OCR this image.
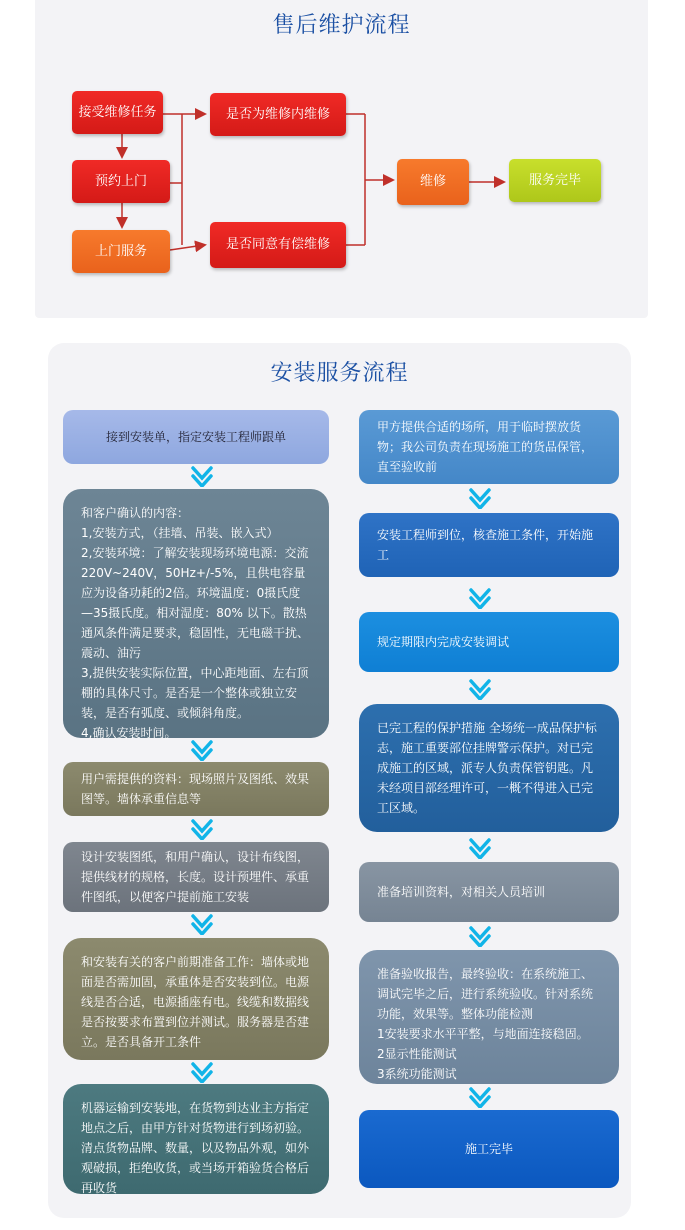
售后维护流程
接受维修任务
预约上门
上门服务
是否为维修内维修
是否同意有偿维修
维修	服务完毕
安装服务流程
接到安装单，指定安装工程师跟单
和客户确认的内容：
1,安装方式，（挂墙、吊装、嵌入式）
2,安装环境：了解安装现场环境电源：交流220V~240V，50Hz+/-5%，且供电容量应为设备功耗的2倍。环境温度：0摄氏度—35摄氏度。相对湿度：80% 以下。散热通风条件满足要求，稳固性，无电磁干扰、震动、油污
3,提供安装实际位置，中心距地面、左右顶棚的具体尺寸。是否是一个整体或独立安装，是否有弧度、或倾斜角度。
4,确认安装时间。
用户需提供的资料：现场照片及图纸、效果图等。墙体承重信息等
设计安装图纸，和用户确认，设计布线图，提供线材的规格，长度。设计预埋件、承重件图纸，以便客户提前施工安装
和安装有关的客户前期准备工作：墙体或地面是否需加固，承重体是否安装到位。电源线是否合适，电源插座有电。线缆和数据线是否按要求布置到位并测试。服务器是否建立。是否具备开工条件
机器运输到安装地，在货物到达业主方指定地点之后，由甲方针对货物进行到场初验。清点货物品牌、数量，以及物品外观，如外观破损，拒绝收货，或当场开箱验货合格后再收货
甲方提供合适的场所，用于临时摆放货物；我公司负责在现场施工的货品保管，直至验收前
安装工程师到位，核查施工条件，开始施工
规定期限内完成安装调试
已完工程的保护措施 全场统一成品保护标志，施工重要部位挂牌警示保护。对已完成施工的区域，派专人负责保管钥匙。凡未经项目部经理许可，一概不得进入已完工区域。
准备培训资料，对相关人员培训
准备验收报告，最终验收：在系统施工、调试完毕之后，进行系统验收。针对系统功能，效果等。整体功能检测
1安装要求水平平整，与地面连接稳固。
2显示性能测试
3系统功能测试
施工完毕
